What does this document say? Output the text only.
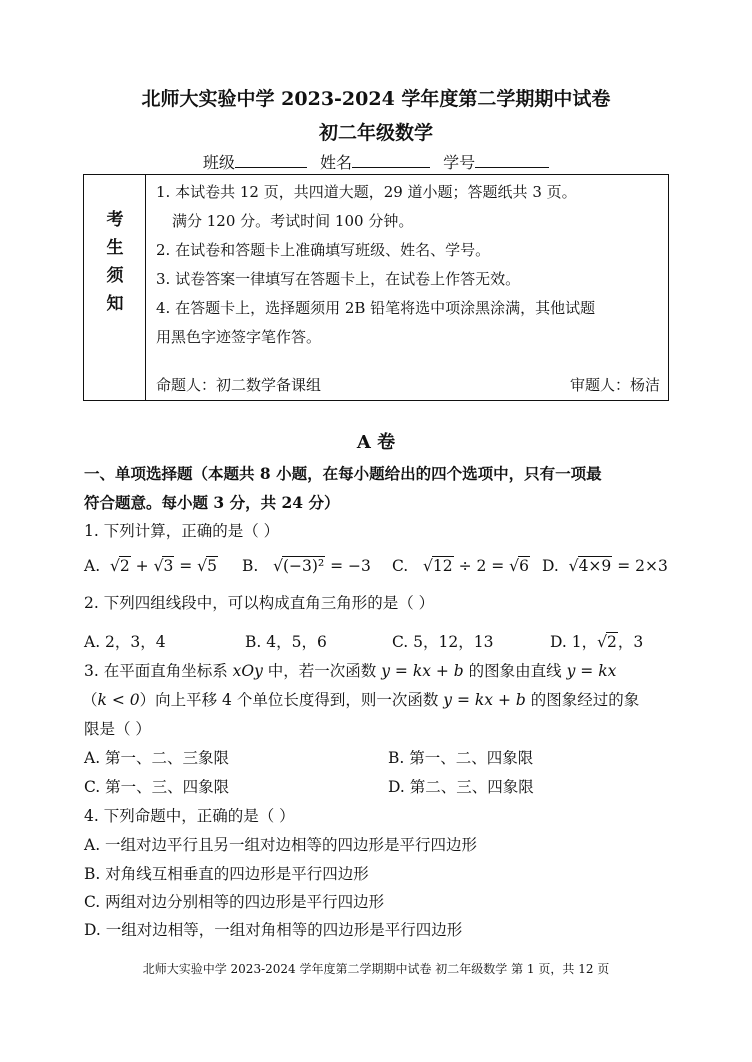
北师大实验中学 2023-2024 学年度第二学期期中试卷
初二年级数学
班级	姓名	学号
考
生
须
知
1. 本试卷共 12 页，共四道大题，29 道小题；答题纸共 3 页。
满分 120 分。考试时间 100 分钟。
2. 在试卷和答题卡上准确填写班级、姓名、学号。
3. 试卷答案一律填写在答题卡上，在试卷上作答无效。
4. 在答题卡上，选择题须用 2B 铅笔将选中项涂黑涂满，其他试题
用黑色字迹签字笔作答。
命题人：初二数学备课组	审题人：杨洁
A 卷
一、单项选择题（本题共 8 小题，在每小题给出的四个选项中，只有一项最
符合题意。每小题 3 分，共 24 分）
1. 下列计算，正确的是（ ）
A.  √2 + √3 = √5 B.   √(−3)² = −3 C.   √12 ÷ 2 = √6 D.  √4×9 = 2×3
2. 下列四组线段中，可以构成直角三角形的是（ ）
A. 2，3，4	B. 4，5，6	C. 5，12，13	D. 1，√2，3
3. 在平面直角坐标系 xOy 中，若一次函数 y = kx + b 的图象由直线 y = kx
（k < 0）向上平移 4 个单位长度得到，则一次函数 y = kx + b 的图象经过的象
限是（ ）
A. 第一、二、三象限	B. 第一、二、四象限
C. 第一、三、四象限	D. 第二、三、四象限
4. 下列命题中，正确的是（ ）
A. 一组对边平行且另一组对边相等的四边形是平行四边形
B. 对角线互相垂直的四边形是平行四边形
C. 两组对边分别相等的四边形是平行四边形
D. 一组对边相等，一组对角相等的四边形是平行四边形
北师大实验中学 2023-2024 学年度第二学期期中试卷 初二年级数学 第 1 页，共 12 页
